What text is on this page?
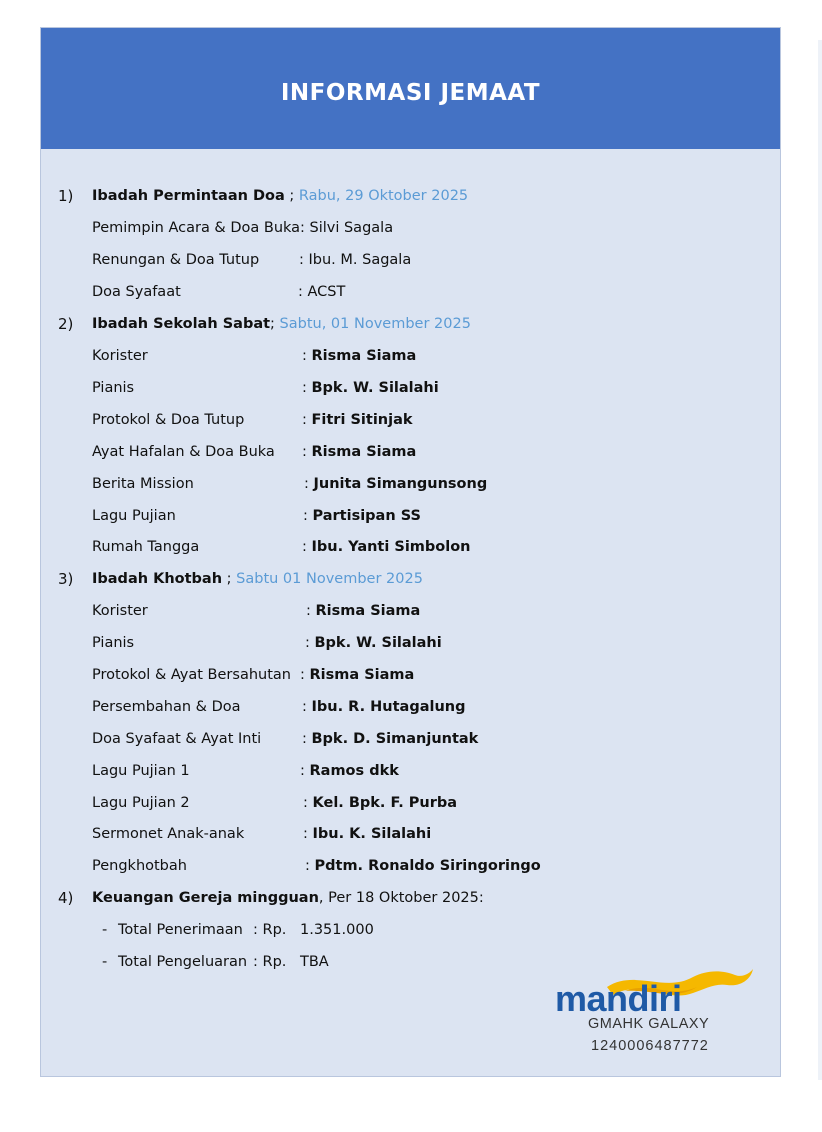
INFORMASI JEMAAT
1) Ibadah Permintaan Doa ; Rabu, 29 Oktober 2025
Pemimpin Acara & Doa Buka : Silvi Sagala
Renungan & Doa Tutup	: Ibu. M. Sagala
Doa Syafaat	: ACST
2) Ibadah Sekolah Sabat; Sabtu, 01 November 2025
Korister	: Risma Siama
Pianis	: Bpk. W. Silalahi
Protokol & Doa Tutup	: Fitri Sitinjak
Ayat Hafalan & Doa Buka : Risma Siama
Berita Mission	: Junita Simangunsong
Lagu Pujian	: Partisipan SS
Rumah Tangga	: Ibu. Yanti Simbolon
3) Ibadah Khotbah ; Sabtu 01 November 2025
Korister	: Risma Siama
Pianis	: Bpk. W. Silalahi
Protokol & Ayat Bersahutan : Risma Siama
Persembahan & Doa	: Ibu. R. Hutagalung
Doa Syafaat & Ayat Inti	: Bpk. D. Simanjuntak
Lagu Pujian 1	: Ramos dkk
Lagu Pujian 2	: Kel. Bpk. F. Purba
Sermonet Anak-anak	: Ibu. K. Silalahi
Pengkhotbah	: Pdtm. Ronaldo Siringoringo
4) Keuangan Gereja mingguan, Per 18 Oktober 2025:
- Total Penerimaan : Rp. 1.351.000
- Total Pengeluaran : Rp. TBA
mandiri
GMAHK GALAXY
1240006487772
